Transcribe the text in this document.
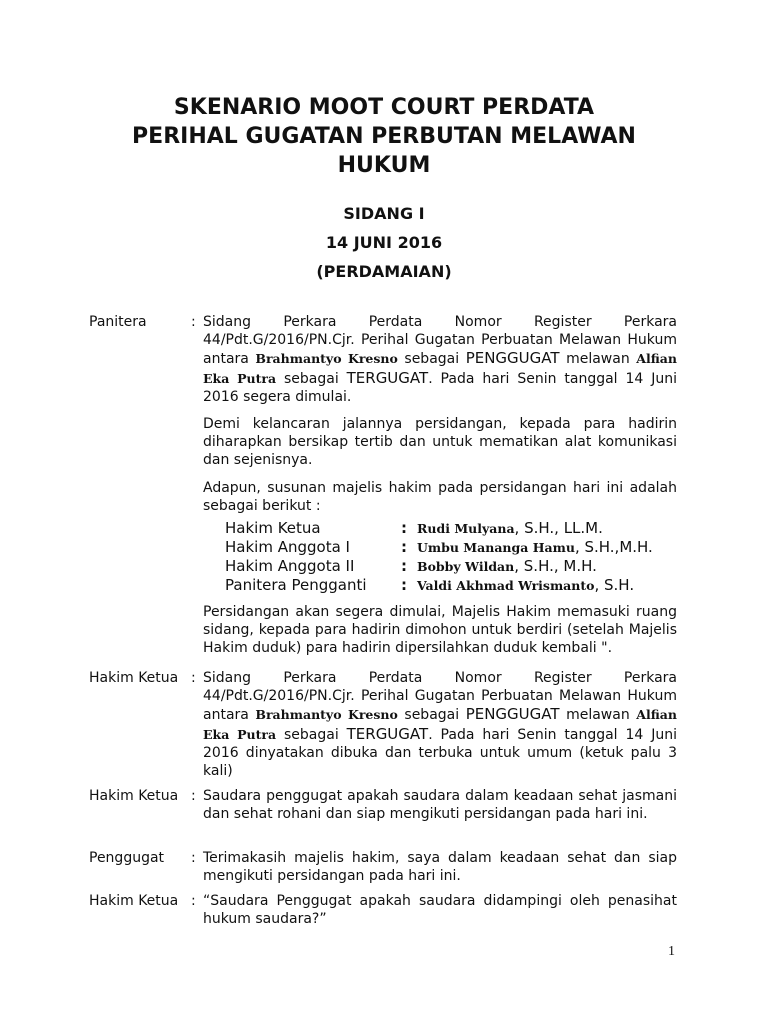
SKENARIO MOOT COURT PERDATA
PERIHAL GUGATAN PERBUTAN MELAWAN
HUKUM
SIDANG I
14 JUNI 2016
(PERDAMAIAN)
Panitera	: Sidang Perkara Perdata Nomor Register Perkara 44/Pdt.G/2016/PN.Cjr. Perihal Gugatan Perbuatan Melawan Hukum antara Brahmantyo Kresno sebagai PENGGUGAT melawan Alfian Eka Putra sebagai TERGUGAT. Pada hari Senin tanggal 14 Juni 2016 segera dimulai.

Demi kelancaran jalannya persidangan, kepada para hadirin diharapkan bersikap tertib dan untuk mematikan alat komunikasi dan sejenisnya.

Adapun, susunan majelis hakim pada persidangan hari ini adalah sebagai berikut :

Hakim Ketua	: Rudi Mulyana , S.H., LL.M.
Hakim Anggota I	: Umbu Mananga Hamu , S.H.,M.H.
Hakim Anggota II	: Bobby Wildan , S.H., M.H.
Panitera Pengganti	: Valdi Akhmad Wrismanto , S.H.

Persidangan akan segera dimulai, Majelis Hakim memasuki ruang sidang, kepada para hadirin dimohon untuk berdiri (setelah Majelis Hakim duduk) para hadirin dipersilahkan duduk kembali ".

Hakim Ketua : Sidang Perkara Perdata Nomor Register Perkara 44/Pdt.G/2016/PN.Cjr. Perihal Gugatan Perbuatan Melawan Hukum antara Brahmantyo Kresno sebagai PENGGUGAT melawan Alfian Eka Putra sebagai TERGUGAT. Pada hari Senin tanggal 14 Juni 2016 dinyatakan dibuka dan terbuka untuk umum (ketuk palu 3 kali)

Hakim Ketua : Saudara penggugat apakah saudara dalam keadaan sehat jasmani dan sehat rohani dan siap mengikuti persidangan pada hari ini.

Penggugat	: Terimakasih majelis hakim, saya dalam keadaan sehat dan siap mengikuti persidangan pada hari ini.

Hakim Ketua : “Saudara Penggugat apakah saudara didampingi oleh penasihat hukum saudara?”

1
